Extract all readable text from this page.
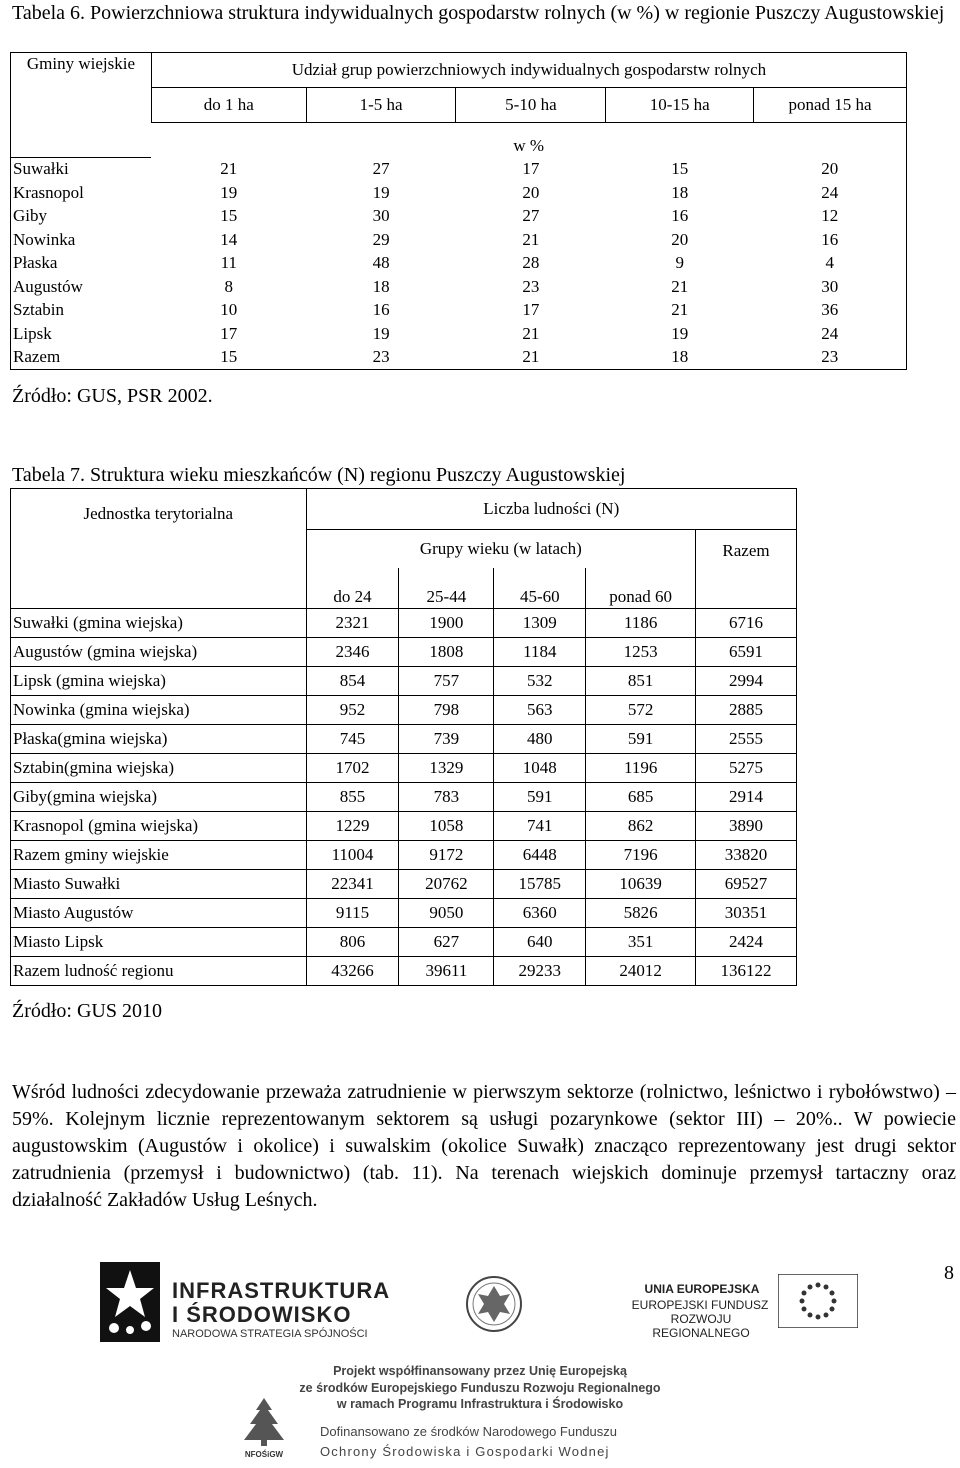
Tabela 6. Powierzchniowa struktura indywidualnych gospodarstw rolnych (w %) w regionie Puszczy Augustowskiej
Gminy wiejskie	Udział grup powierzchniowych indywidualnych gospodarstw rolnych				
	do 1 ha	1-5 ha	5-10 ha	10-15 ha	ponad 15 ha
	w %				
Suwałki	21	27	17	15	20
Krasnopol	19	19	20	18	24
Giby	15	30	27	16	12
Nowinka	14	29	21	20	16
Płaska	11	48	28	9	4
Augustów	8	18	23	21	30
Sztabin	10	16	17	21	36
Lipsk	17	19	21	19	24
Razem	15	23	21	18	23
Źródło: GUS, PSR 2002.
Tabela 7. Struktura wieku mieszkańców (N) regionu Puszczy Augustowskiej
Jednostka terytorialna	Liczba ludności (N)				
	Grupy wieku (w latach)				Razem
	do 24	25-44	45-60	ponad 60	
Suwałki (gmina wiejska)	2321	1900	1309	1186	6716
Augustów (gmina wiejska)	2346	1808	1184	1253	6591
Lipsk (gmina wiejska)	854	757	532	851	2994
Nowinka (gmina wiejska)	952	798	563	572	2885
Płaska(gmina wiejska)	745	739	480	591	2555
Sztabin(gmina wiejska)	1702	1329	1048	1196	5275
Giby(gmina wiejska)	855	783	591	685	2914
Krasnopol (gmina wiejska)	1229	1058	741	862	3890
Razem gminy wiejskie	11004	9172	6448	7196	33820
Miasto Suwałki	22341	20762	15785	10639	69527
Miasto Augustów	9115	9050	6360	5826	30351
Miasto Lipsk	806	627	640	351	2424
Razem ludność regionu	43266	39611	29233	24012	136122
Źródło: GUS 2010
Wśród ludności zdecydowanie przeważa zatrudnienie w pierwszym sektorze (rolnictwo, leśnictwo i rybołówstwo) – 59%. Kolejnym licznie reprezentowanym sektorem są usługi pozarynkowe (sektor III) – 20%.. W powiecie augustowskim (Augustów i okolice) i suwalskim (okolice Suwałk) znacząco reprezentowany jest drugi sektor zatrudnienia (przemysł i budownictwo) (tab. 11). Na terenach wiejskich dominuje przemysł tartaczny oraz działalność Zakładów Usług Leśnych.
8
INFRASTRUKTURA
I ŚRODOWISKO
NARODOWA STRATEGIA SPÓJNOŚCI
UNIA EUROPEJSKA
EUROPEJSKI FUNDUSZ
ROZWOJU REGIONALNEGO
Projekt współfinansowany przez Unię Europejską
ze środków Europejskiego Funduszu Rozwoju Regionalnego
w ramach Programu Infrastruktura i Środowisko
NFOŚiGW
Dofinansowano ze środków Narodowego Funduszu
Ochrony Środowiska i Gospodarki Wodnej
